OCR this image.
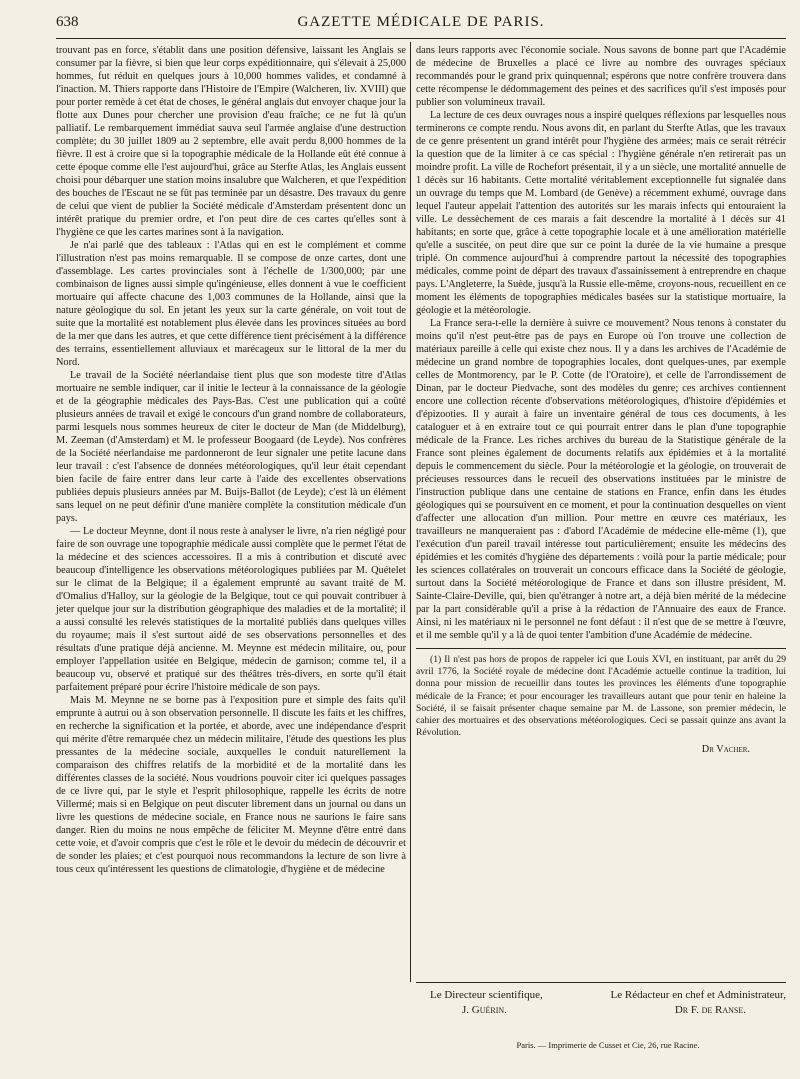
638	GAZETTE MÉDICALE DE PARIS.

trouvant pas en force, s'établit dans une position défensive, laissant les Anglais se consumer par la fièvre, si bien que leur corps expéditionnaire, qui s'élevait à 25,000 hommes, fut réduit en quelques jours à 10,000 hommes valides, et condamné à l'inaction. M. Thiers rapporte dans l'Histoire de l'Empire (Walcheren, liv. XVIII) que pour porter remède à cet état de choses, le général anglais dut envoyer chaque jour la flotte aux Dunes pour chercher une provision d'eau fraîche; ce ne fut là qu'un palliatif. Le rembarquement immédiat sauva seul l'armée anglaise d'une destruction complète; du 30 juillet 1809 au 2 septembre, elle avait perdu 8,000 hommes de la fièvre. Il est à croire que si la topographie médicale de la Hollande eût été connue à cette époque comme elle l'est aujourd'hui, grâce au Sterfte Atlas, les Anglais eussent choisi pour débarquer une station moins insalubre que Walcheren, et que l'expédition des bouches de l'Escaut ne se fût pas terminée par un désastre. Des travaux du genre de celui que vient de publier la Société médicale d'Amsterdam présentent donc un intérêt pratique du premier ordre, et l'on peut dire de ces cartes qu'elles sont à l'hygiène ce que les cartes marines sont à la navigation.

Je n'ai parlé que des tableaux : l'Atlas qui en est le complément et comme l'illustration n'est pas moins remarquable. Il se compose de onze cartes, dont une d'assemblage. Les cartes provinciales sont à l'échelle de 1/300,000; par une combinaison de lignes aussi simple qu'ingénieuse, elles donnent à vue le coefficient mortuaire qui affecte chacune des 1,003 communes de la Hollande, ainsi que la nature géologique du sol. En jetant les yeux sur la carte générale, on voit tout de suite que la mortalité est notablement plus élevée dans les provinces situées au bord de la mer que dans les autres, et que cette différence tient précisément à la différence des terrains, essentiellement alluviaux et marécageux sur le littoral de la mer du Nord.

Le travail de la Société néerlandaise tient plus que son modeste titre d'Atlas mortuaire ne semble indiquer, car il initie le lecteur à la connaissance de la géologie et de la géographie médicales des Pays-Bas. C'est une publication qui a coûté plusieurs années de travail et exigé le concours d'un grand nombre de collaborateurs, parmi lesquels nous sommes heureux de citer le docteur de Man (de Middelburg), M. Zeeman (d'Amsterdam) et M. le professeur Boogaard (de Leyde). Nos confrères de la Société néerlandaise me pardonneront de leur signaler une petite lacune dans leur travail : c'est l'absence de données météorologiques, qu'il leur était cependant bien facile de faire entrer dans leur carte à l'aide des excellentes observations publiées depuis plusieurs années par M. Buijs-Ballot (de Leyde); c'est là un élément sans lequel on ne peut définir d'une manière complète la constitution médicale d'un pays.

— Le docteur Meynne, dont il nous reste à analyser le livre, n'a rien négligé pour faire de son ouvrage une topographie médicale aussi complète que le permet l'état de la médecine et des sciences accessoires. Il a mis à contribution et discuté avec beaucoup d'intelligence les observations météorologiques publiées par M. Quételet sur le climat de la Belgique; il a également emprunté au savant traité de M. d'Omalius d'Halloy, sur la géologie de la Belgique, tout ce qui pouvait contribuer à jeter quelque jour sur la distribution géographique des maladies et de la mortalité; il a aussi consulté les relevés statistiques de la mortalité publiés dans quelques villes du royaume; mais il s'est surtout aidé de ses observations personnelles et des résultats d'une pratique déjà ancienne. M. Meynne est médecin militaire, ou, pour employer l'appellation usitée en Belgique, médecin de garnison; comme tel, il a beaucoup vu, observé et pratiqué sur des théâtres très-divers, en sorte qu'il était parfaitement préparé pour écrire l'histoire médicale de son pays.

Mais M. Meynne ne se borne pas à l'exposition pure et simple des faits qu'il emprunte à autrui ou à son observation personnelle. Il discute les faits et les chiffres, en recherche la signification et la portée, et aborde, avec une indépendance d'esprit qui mérite d'être remarquée chez un médecin militaire, l'étude des questions les plus pressantes de la médecine sociale, auxquelles le conduit naturellement la comparaison des chiffres relatifs de la morbidité et de la mortalité dans les différentes classes de la société. Nous voudrions pouvoir citer ici quelques passages de ce livre qui, par le style et l'esprit philosophique, rappelle les écrits de notre Villermé; mais si en Belgique on peut discuter librement dans un journal ou dans un livre les questions de médecine sociale, en France nous ne saurions le faire sans danger. Rien du moins ne nous empêche de féliciter M. Meynne d'être entré dans cette voie, et d'avoir compris que c'est le rôle et le devoir du médecin de découvrir et de sonder les plaies; et c'est pourquoi nous recommandons la lecture de son livre à tous ceux qu'intéressent les questions de climatologie, d'hygiène et de médecine

dans leurs rapports avec l'économie sociale. Nous savons de bonne part que l'Académie de médecine de Bruxelles a placé ce livre au nombre des ouvrages spéciaux recommandés pour le grand prix quinquennal; espérons que notre confrère trouvera dans cette récompense le dédommagement des peines et des sacrifices qu'il s'est imposés pour publier son volumineux travail.

La lecture de ces deux ouvrages nous a inspiré quelques réflexions par lesquelles nous terminerons ce compte rendu. Nous avons dit, en parlant du Sterfte Atlas, que les travaux de ce genre présentent un grand intérêt pour l'hygiène des armées; mais ce serait rétrécir la question que de la limiter à ce cas spécial : l'hygiène générale n'en retirerait pas un moindre profit. La ville de Rochefort présentait, il y a un siècle, une mortalité annuelle de 1 décès sur 16 habitants. Cette mortalité véritablement exceptionnelle fut signalée dans un ouvrage du temps que M. Lombard (de Genève) a récemment exhumé, ouvrage dans lequel l'auteur appelait l'attention des autorités sur les marais infects qui entouraient la ville. Le dessèchement de ces marais a fait descendre la mortalité à 1 décès sur 41 habitants; en sorte que, grâce à cette topographie locale et à une amélioration matérielle qu'elle a suscitée, on peut dire que sur ce point la durée de la vie humaine a presque triplé. On commence aujourd'hui à comprendre partout la nécessité des topographies médicales, comme point de départ des travaux d'assainissement à entreprendre en chaque pays. L'Angleterre, la Suède, jusqu'à la Russie elle-même, croyons-nous, recueillent en ce moment les éléments de topographies médicales basées sur la statistique mortuaire, la géologie et la météorologie.

La France sera-t-elle la dernière à suivre ce mouvement? Nous tenons à constater du moins qu'il n'est peut-être pas de pays en Europe où l'on trouve une collection de matériaux pareille à celle qui existe chez nous. Il y a dans les archives de l'Académie de médecine un grand nombre de topographies locales, dont quelques-unes, par exemple celles de Montmorency, par le P. Cotte (de l'Oratoire), et celle de l'arrondissement de Dinan, par le docteur Piedvache, sont des modèles du genre; ces archives contiennent encore une collection récente d'observations météorologiques, d'histoire d'épidémies et d'épizooties. Il y aurait à faire un inventaire général de tous ces documents, à les cataloguer et à en extraire tout ce qui pourrait entrer dans le plan d'une topographie médicale de la France. Les riches archives du bureau de la Statistique générale de la France sont pleines également de documents relatifs aux épidémies et à la mortalité depuis le commencement du siècle. Pour la météorologie et la géologie, on trouverait de précieuses ressources dans le recueil des observations instituées par le ministre de l'instruction publique dans une centaine de stations en France, enfin dans les études géologiques qui se poursuivent en ce moment, et pour la continuation desquelles on vient d'affecter une allocation d'un million. Pour mettre en œuvre ces matériaux, les travailleurs ne manqueraient pas : d'abord l'Académie de médecine elle-même (1), que l'exécution d'un pareil travail intéresse tout particulièrement; ensuite les médecins des épidémies et les comités d'hygiène des départements : voilà pour la partie médicale; pour les sciences collatérales on trouverait un concours efficace dans la Société de géologie, surtout dans la Société météorologique de France et dans son illustre président, M. Sainte-Claire-Deville, qui, bien qu'étranger à notre art, a déjà bien mérité de la médecine par la part considérable qu'il a prise à la rédaction de l'Annuaire des eaux de France. Ainsi, ni les matériaux ni le personnel ne font défaut : il n'est que de se mettre à l'œuvre, et il me semble qu'il y a là de quoi tenter l'ambition d'une Académie de médecine.

(1) Il n'est pas hors de propos de rappeler ici que Louis XVI, en instituant, par arrêt du 29 avril 1776, la Société royale de médecine dont l'Académie actuelle continue la tradition, lui donna pour mission de recueillir dans toutes les provinces les éléments d'une topographie médicale de la France; et pour encourager les travailleurs autant que pour tenir en haleine la Société, il se faisait présenter chaque semaine par M. de Lassone, son premier médecin, le cahier des mortuaires et des observations météorologiques. Ceci se passait quinze ans avant la Révolution.

Dr Vacher.
Le Directeur scientifique,	Le Rédacteur en chef et Administrateur,
J. Guérin.	Dr F. de Ranse.
Paris. — Imprimerie de Cusset et Cie, 26, rue Racine.
